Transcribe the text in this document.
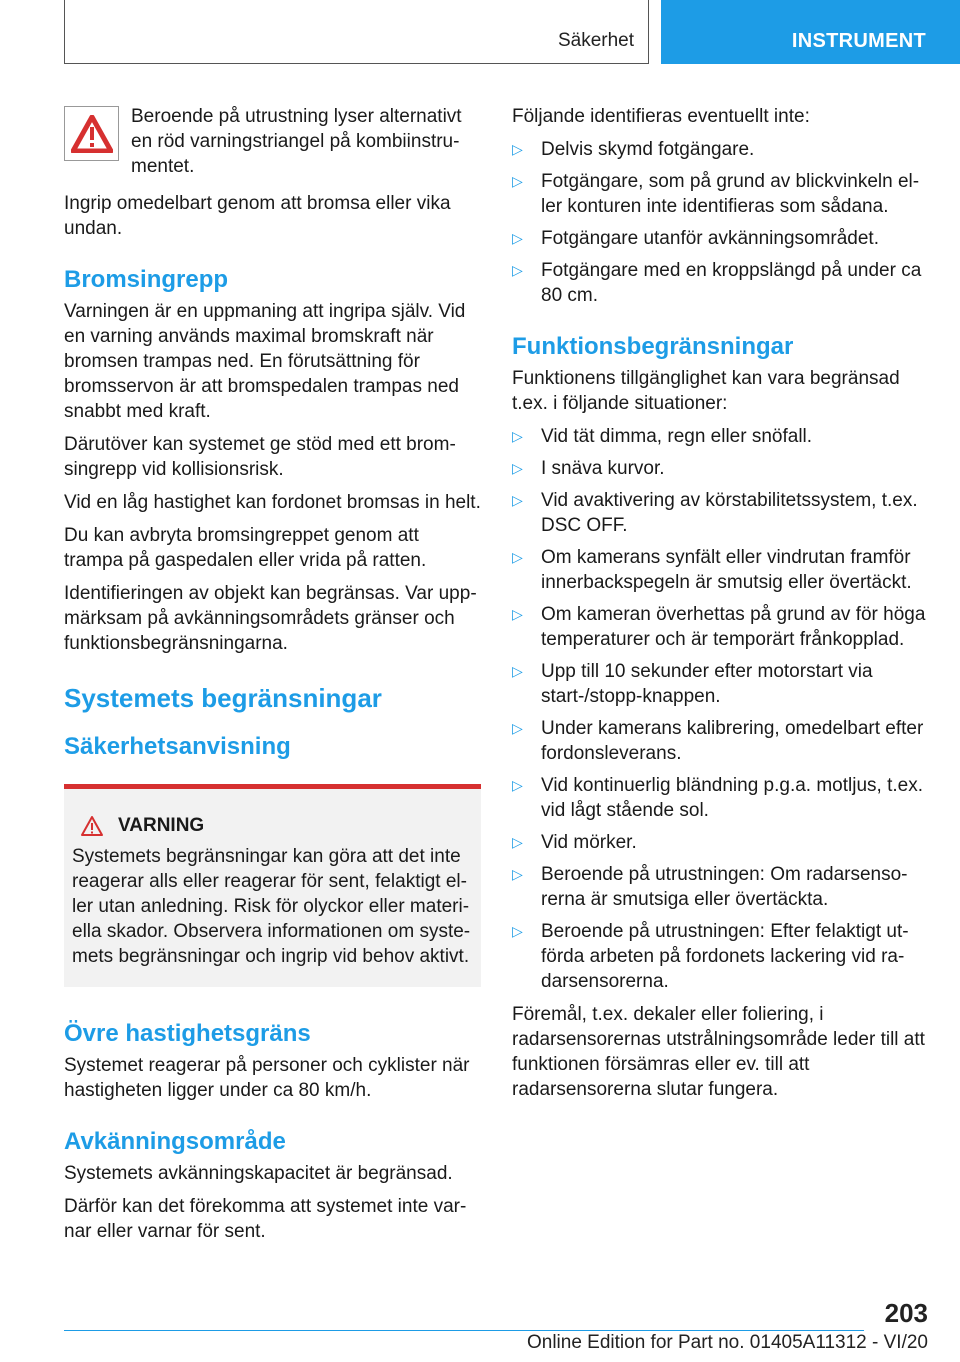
Säkerhet	INSTRUMENT

Beroende på utrustning lyser alternativt en röd varningstriangel på kombiinstrumentet.

Ingrip omedelbart genom att bromsa eller vika undan.

Bromsingrepp

Varningen är en uppmaning att ingripa själv. Vid en varning används maximal bromskraft när bromsen trampas ned. En förutsättning för bromsservon är att bromspedalen trampas ned snabbt med kraft.

Därutöver kan systemet ge stöd med ett bromsingrepp vid kollisionsrisk.

Vid en låg hastighet kan fordonet bromsas in helt.

Du kan avbryta bromsingreppet genom att trampa på gaspedalen eller vrida på ratten.

Identifieringen av objekt kan begränsas. Var uppmärksam på avkänningsområdets gränser och funktionsbegränsningarna.

Systemets begränsningar
Säkerhetsanvisning
VARNING

Systemets begränsningar kan göra att det inte reagerar alls eller reagerar för sent, felaktigt eller utan anledning. Risk för olyckor eller materiella skador. Observera informationen om systemets begränsningar och ingrip vid behov aktivt.

Övre hastighetsgräns

Systemet reagerar på personer och cyklister när hastigheten ligger under ca 80 km/h.

Avkänningsområde

Systemets avkänningskapacitet är begränsad.

Därför kan det förekomma att systemet inte varnar eller varnar för sent.

Följande identifieras eventuellt inte:

▷ Delvis skymd fotgängare.
▷ Fotgängare, som på grund av blickvinkeln eller konturen inte identifieras som sådana.
▷ Fotgängare utanför avkänningsområdet.
▷ Fotgängare med en kroppslängd på under ca 80 cm.
Funktionsbegränsningar

Funktionens tillgänglighet kan vara begränsad t.ex. i följande situationer:

▷ Vid tät dimma, regn eller snöfall.
▷ I snäva kurvor.
▷ Vid avaktivering av körstabilitetssystem, t.ex. DSC OFF.
▷ Om kamerans synfält eller vindrutan framför innerbackspegeln är smutsig eller övertäckt.
▷ Om kameran överhettas på grund av för höga temperaturer och är temporärt frånkopplad.
▷ Upp till 10 sekunder efter motorstart via start-/stopp-knappen.
▷ Under kamerans kalibrering, omedelbart efter fordonsleverans.
▷ Vid kontinuerlig bländning p.g.a. motljus, t.ex. vid lågt stående sol.
▷ Vid mörker.
▷ Beroende på utrustningen: Om radarsensorerna är smutsiga eller övertäckta.
▷ Beroende på utrustningen: Efter felaktigt utförda arbeten på fordonets lackering vid radarsensorerna.

Föremål, t.ex. dekaler eller foliering, i radarsensorernas utstrålningsområde leder till att funktionen försämras eller ev. till att radarsensorerna slutar fungera.

203
Online Edition for Part no. 01405A11312 - VI/20
